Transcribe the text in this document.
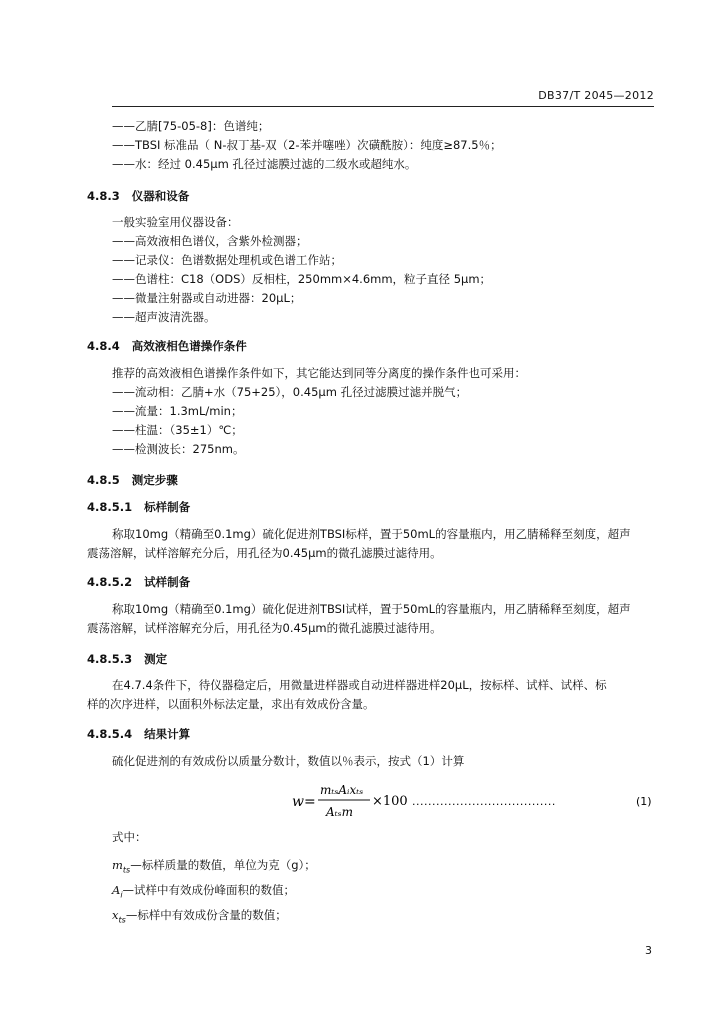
DB37/T 2045—2012
——乙腈[75-05-8]：色谱纯；
——TBSI 标准品（ N-叔丁基-双（2-苯并噻唑）次磺酰胺）：纯度≥87.5％；
——水：经过 0.45μm 孔径过滤膜过滤的二级水或超纯水。
4.8.3 仪器和设备
一般实验室用仪器设备：
——高效液相色谱仪，含紫外检测器；
——记录仪：色谱数据处理机或色谱工作站；
——色谱柱：C18（ODS）反相柱，250mm×4.6mm，粒子直径 5μm；
——微量注射器或自动进器：20μL；
——超声波清洗器。
4.8.4 高效液相色谱操作条件
推荐的高效液相色谱操作条件如下，其它能达到同等分离度的操作条件也可采用：
——流动相：乙腈+水（75+25），0.45μm 孔径过滤膜过滤并脱气；
——流量：1.3mL/min；
——柱温：（35±1）℃；
——检测波长：275nm。
4.8.5 测定步骤
4.8.5.1 标样制备
称取10mg（精确至0.1mg）硫化促进剂TBSI标样，置于50mL的容量瓶内，用乙腈稀释至刻度，超声
震荡溶解，试样溶解充分后，用孔径为0.45μm的微孔滤膜过滤待用。
4.8.5.2 试样制备
称取10mg（精确至0.1mg）硫化促进剂TBSI试样，置于50mL的容量瓶内，用乙腈稀释至刻度，超声
震荡溶解，试样溶解充分后，用孔径为0.45μm的微孔滤膜过滤待用。
4.8.5.3 测定
在4.7.4条件下，待仪器稳定后，用微量进样器或自动进样器进样20μL，按标样、试样、试样、标
样的次序进样，以面积外标法定量，求出有效成份含量。
4.8.5.4 结果计算
硫化促进剂的有效成份以质量分数计，数值以％表示，按式（1）计算
w =
mₜₛAᵢxₜₛ
Aₜₛm
×100 ....................................	(1)
式中：
$m_{ts}—$标样质量的数值，单位为克（g）；
$A_i—$试样中有效成份峰面积的数值；
$x_{ts}—$标样中有效成份含量的数值；
3
